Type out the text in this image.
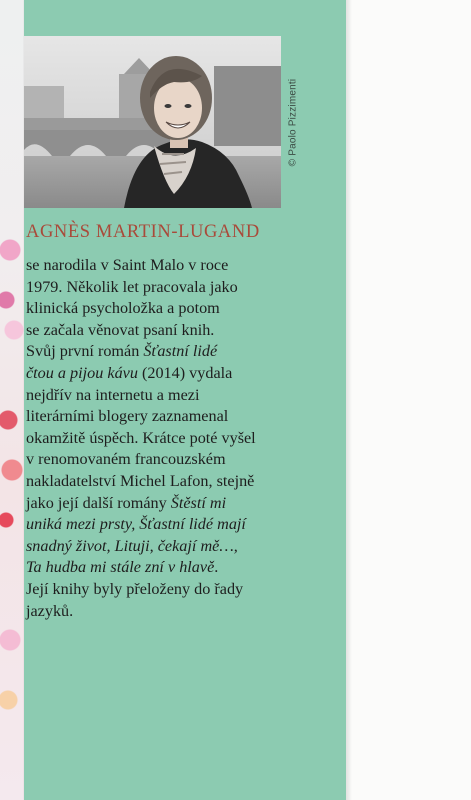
© Paolo Pizzimenti
AGNÈS MARTIN-LUGAND
se narodila v Saint Malo v roce
1979. Několik let pracovala jako
klinická psycholožka a potom
se začala věnovat psaní knih.
Svůj první román Šťastní lidé
čtou a pijou kávu (2014) vydala
nejdřív na internetu a mezi
literárními blogery zaznamenal
okamžitě úspěch. Krátce poté vyšel
v renomovaném francouzském
nakladatelství Michel Lafon, stejně
jako její další romány Štěstí mi
uniká mezi prsty, Šťastní lidé mají
snadný život, Lituji, čekají mě…,
Ta hudba mi stále zní v hlavě.
Její knihy byly přeloženy do řady
jazyků.
